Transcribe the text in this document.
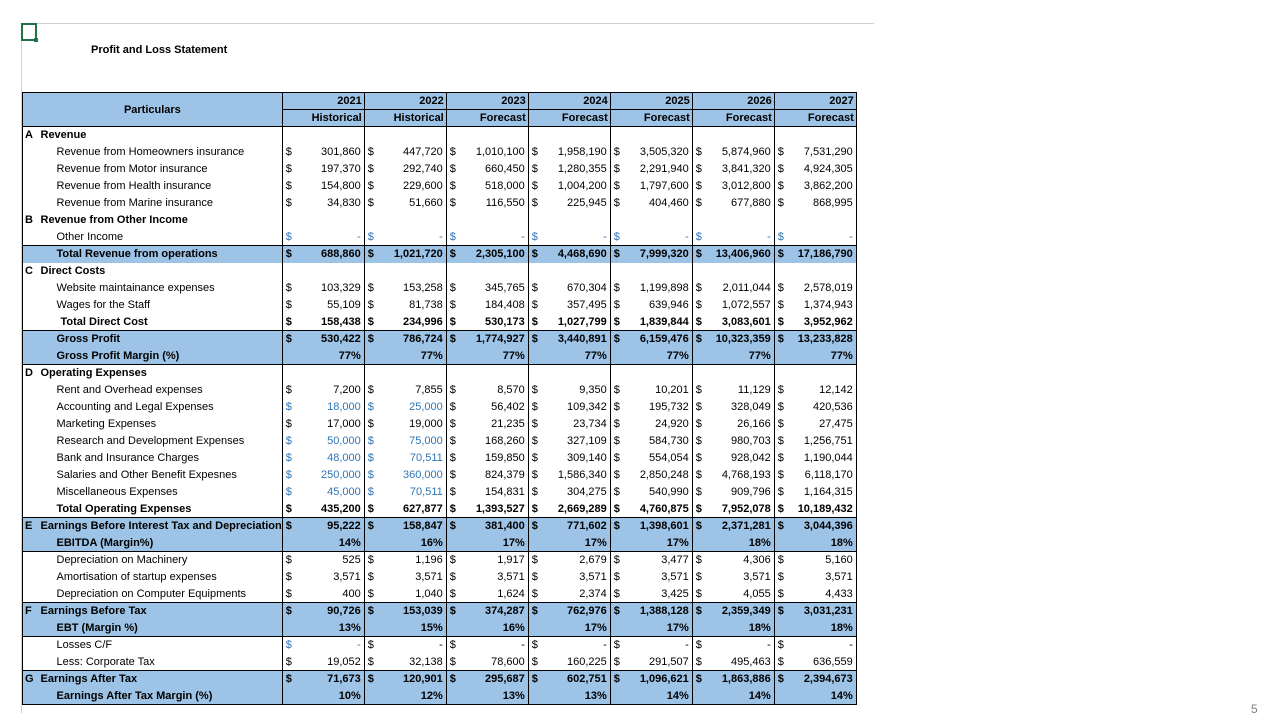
Profit and Loss Statement
Particulars		2021		2022		2023		2024		2025		2026		2027	
		Historical		Historical		Forecast		Forecast		Forecast		Forecast		Forecast	
A	Revenue														
	Revenue from Homeowners insurance	$	301,860	$	447,720	$	1,010,100	$	1,958,190	$	3,505,320	$	5,874,960	$	7,531,290
	Revenue from Motor insurance	$	197,370	$	292,740	$	660,450	$	1,280,355	$	2,291,940	$	3,841,320	$	4,924,305
	Revenue from Health insurance	$	154,800	$	229,600	$	518,000	$	1,004,200	$	1,797,600	$	3,012,800	$	3,862,200
	Revenue from Marine insurance	$	34,830	$	51,660	$	116,550	$	225,945	$	404,460	$	677,880	$	868,995
B	Revenue from Other Income														
	Other Income	$	-	$	-	$	-	$	-	$	-	$	-	$	-
	Total Revenue from operations	$	688,860	$	1,021,720	$	2,305,100	$	4,468,690	$	7,999,320	$	13,406,960	$	17,186,790
C	Direct Costs														
	Website maintainance expenses	$	103,329	$	153,258	$	345,765	$	670,304	$	1,199,898	$	2,011,044	$	2,578,019
	Wages for the Staff	$	55,109	$	81,738	$	184,408	$	357,495	$	639,946	$	1,072,557	$	1,374,943
	Total Direct Cost	$	158,438	$	234,996	$	530,173	$	1,027,799	$	1,839,844	$	3,083,601	$	3,952,962
	Gross Profit	$	530,422	$	786,724	$	1,774,927	$	3,440,891	$	6,159,476	$	10,323,359	$	13,233,828
	Gross Profit Margin (%)		77%		77%		77%		77%		77%		77%		77%
D	Operating Expenses														
	Rent and Overhead expenses	$	7,200	$	7,855	$	8,570	$	9,350	$	10,201	$	11,129	$	12,142
	Accounting and Legal Expenses	$	18,000	$	25,000	$	56,402	$	109,342	$	195,732	$	328,049	$	420,536
	Marketing Expenses	$	17,000	$	19,000	$	21,235	$	23,734	$	24,920	$	26,166	$	27,475
	Research and Development Expenses	$	50,000	$	75,000	$	168,260	$	327,109	$	584,730	$	980,703	$	1,256,751
	Bank and Insurance Charges	$	48,000	$	70,511	$	159,850	$	309,140	$	554,054	$	928,042	$	1,190,044
	Salaries and Other Benefit Expesnes	$	250,000	$	360,000	$	824,379	$	1,586,340	$	2,850,248	$	4,768,193	$	6,118,170
	Miscellaneous Expenses	$	45,000	$	70,511	$	154,831	$	304,275	$	540,990	$	909,796	$	1,164,315
	Total Operating Expenses	$	435,200	$	627,877	$	1,393,527	$	2,669,289	$	4,760,875	$	7,952,078	$	10,189,432
E	Earnings Before Interest Tax and Depreciation	$	95,222	$	158,847	$	381,400	$	771,602	$	1,398,601	$	2,371,281	$	3,044,396
	EBITDA (Margin%)		14%		16%		17%		17%		17%		18%		18%
	Depreciation on Machinery	$	525	$	1,196	$	1,917	$	2,679	$	3,477	$	4,306	$	5,160
	Amortisation of startup expenses	$	3,571	$	3,571	$	3,571	$	3,571	$	3,571	$	3,571	$	3,571
	Depreciation on Computer Equipments	$	400	$	1,040	$	1,624	$	2,374	$	3,425	$	4,055	$	4,433
F	Earnings Before Tax	$	90,726	$	153,039	$	374,287	$	762,976	$	1,388,128	$	2,359,349	$	3,031,231
	EBT (Margin %)		13%		15%		16%		17%		17%		18%		18%
	Losses C/F	$	-	$	-	$	-	$	-	$	-	$	-	$	-
	Less: Corporate Tax	$	19,052	$	32,138	$	78,600	$	160,225	$	291,507	$	495,463	$	636,559
G	Earnings After Tax	$	71,673	$	120,901	$	295,687	$	602,751	$	1,096,621	$	1,863,886	$	2,394,673
	Earnings After Tax Margin (%)		10%		12%		13%		13%		14%		14%		14%
5
